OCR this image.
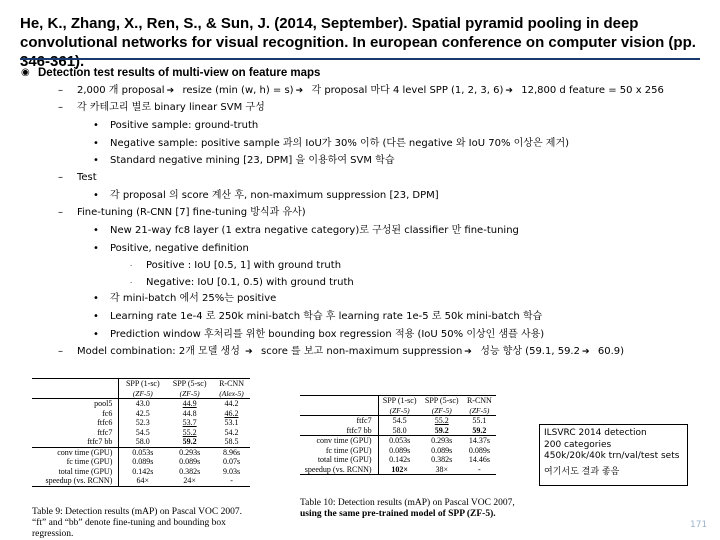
He, K., Zhang, X., Ren, S., & Sun, J. (2014, September). Spatial pyramid pooling in deep convolutional networks for visual recognition. In european conference on computer vision (pp. 346-361).
◉ Detection test results of multi-view on feature maps
– 2,000 개 proposal ➔ resize (min (w, h) = s) ➔ 각 proposal 마다 4 level SPP (1, 2, 3, 6) ➔ 12,800 d feature = 50 x 256
– 각 카테고리 별로 binary linear SVM 구성
• Positive sample: ground-truth
• Negative sample: positive sample 과의 IoU가 30% 이하 (다른 negative 와 IoU 70% 이상은 제거)
• Standard negative mining [23, DPM] 을 이용하여 SVM 학습
– Test
• 각 proposal 의 score 계산 후, non-maximum suppression [23, DPM]
– Fine-tuning (R-CNN [7] fine-tuning 방식과 유사)
• New 21-way fc8 layer (1 extra negative category)로 구성된 classifier 만 fine-tuning
• Positive, negative definition
· Positive : IoU [0.5, 1] with ground truth
· Negative: IoU [0.1, 0.5) with ground truth
• 각 mini-batch 에서 25%는 positive
• Learning rate 1e-4 로 250k mini-batch 학습 후 learning rate 1e-5 로 50k mini-batch 학습
• Prediction window 후처리를 위한 bounding box regression 적용 (IoU 50% 이상인 샘플 사용)
– Model combination: 2개 모델 생성 ➔ score 를 보고 non-maximum suppression ➔ 성능 향상 (59.1, 59.2 ➔ 60.9)
	SPP (1-sc)	SPP (5-sc)	R-CNN
	(ZF-5)	(ZF-5)	(Alex-5)
pool5	43.0	44.9	44.2
fc6	42.5	44.8	46.2
ftfc6	52.3	53.7	53.1
ftfc7	54.5	55.2	54.2
ftfc7 bb	58.0	59.2	58.5
conv time (GPU)	0.053s	0.293s	8.96s
fc time (GPU)	0.089s	0.089s	0.07s
total time (GPU)	0.142s	0.382s	9.03s
speedup (vs. RCNN)	64×	24×	-
Table 9: Detection results (mAP) on Pascal VOC 2007. “ft” and “bb” denote fine-tuning and bounding box regression.
	SPP (1-sc)	SPP (5-sc)	R-CNN
	(ZF-5)	(ZF-5)	(ZF-5)
ftfc7	54.5	55.2	55.1
ftfc7 bb	58.0	59.2	59.2
conv time (GPU)	0.053s	0.293s	14.37s
fc time (GPU)	0.089s	0.089s	0.089s
total time (GPU)	0.142s	0.382s	14.46s
speedup (vs. RCNN)	102×	38×	-
Table 10: Detection results (mAP) on Pascal VOC 2007,
using the same pre-trained model of SPP (ZF-5).
ILSVRC 2014 detection
200 categories
450k/20k/40k trn/val/test sets
여기서도 결과 좋음
171
